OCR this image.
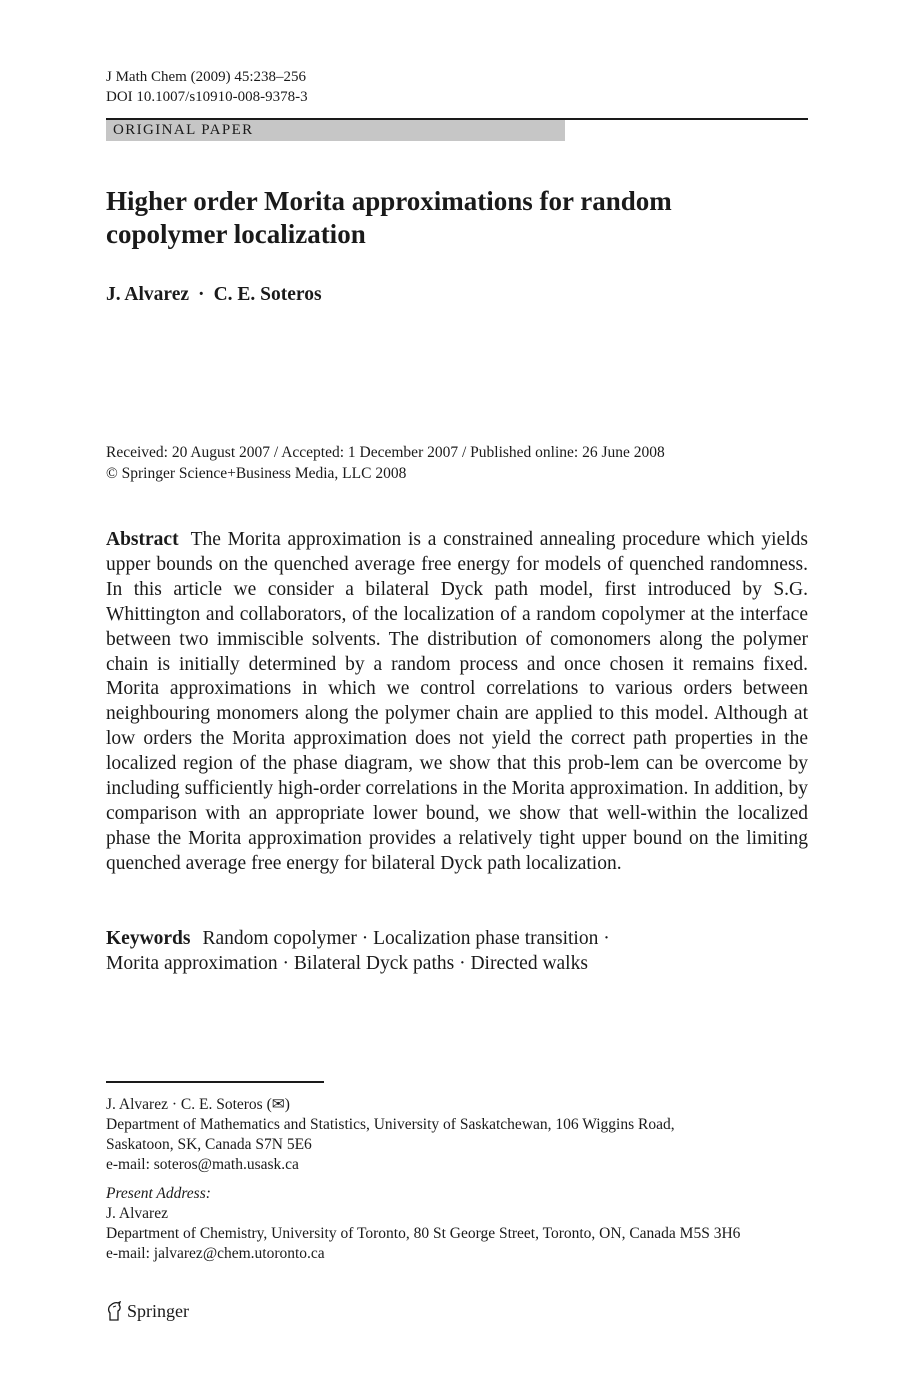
J Math Chem (2009) 45:238–256
DOI 10.1007/s10910-008-9378-3
ORIGINAL PAPER
Higher order Morita approximations for random
copolymer localization
J. Alvarez · C. E. Soteros
Received: 20 August 2007 / Accepted: 1 December 2007 / Published online: 26 June 2008
© Springer Science+Business Media, LLC 2008
Abstract The Morita approximation is a constrained annealing procedure which yields upper bounds on the quenched average free energy for models of quenched randomness. In this article we consider a bilateral Dyck path model, first introduced by S.G. Whittington and collaborators, of the localization of a random copolymer at the interface between two immiscible solvents. The distribution of comonomers along the polymer chain is initially determined by a random process and once chosen it remains fixed. Morita approximations in which we control correlations to various orders between neighbouring monomers along the polymer chain are applied to this model. Although at low orders the Morita approximation does not yield the correct path properties in the localized region of the phase diagram, we show that this prob-lem can be overcome by including sufficiently high-order correlations in the Morita approximation. In addition, by comparison with an appropriate lower bound, we show that well-within the localized phase the Morita approximation provides a relatively tight upper bound on the limiting quenched average free energy for bilateral Dyck path localization.
Keywords Random copolymer · Localization phase transition ·
Morita approximation · Bilateral Dyck paths · Directed walks
J. Alvarez · C. E. Soteros (✉)
Department of Mathematics and Statistics, University of Saskatchewan, 106 Wiggins Road,
Saskatoon, SK, Canada S7N 5E6
e-mail: soteros@math.usask.ca
Present Address:
J. Alvarez
Department of Chemistry, University of Toronto, 80 St George Street, Toronto, ON, Canada M5S 3H6
e-mail: jalvarez@chem.utoronto.ca
Springer
